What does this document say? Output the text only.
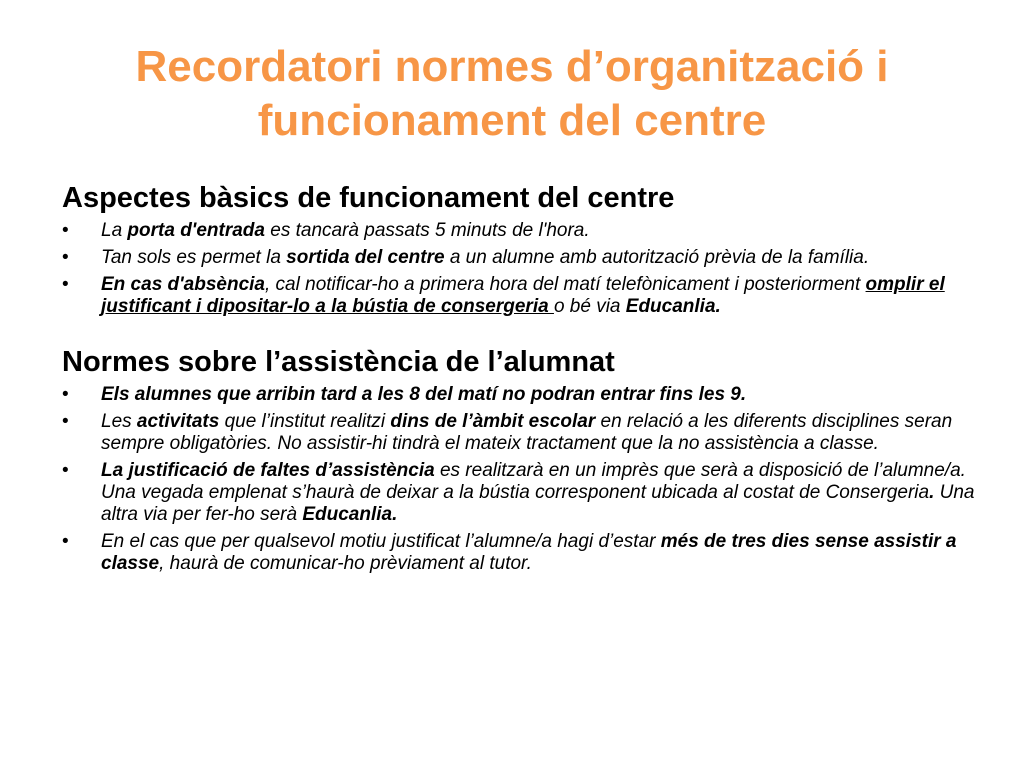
Recordatori normes d’organització i funcionament del centre
Aspectes bàsics de funcionament del centre
• La porta d'entrada es tancarà passats 5 minuts de l'hora.
• Tan sols es permet la sortida del centre a un alumne amb autorització prèvia de la família.
• En cas d'absència, cal notificar-ho a primera hora del matí telefònicament i posteriorment omplir el justificant i dipositar-lo a la bústia de consergeria o bé via Educanlia.
Normes sobre l’assistència de l’alumnat
• Els alumnes que arribin tard a les 8 del matí no podran entrar fins les 9.
• Les activitats que l’institut realitzi dins de l’àmbit escolar en relació a les diferents disciplines seran sempre obligatòries. No assistir-hi tindrà el mateix tractament que la no assistència a classe.
• La justificació de faltes d’assistència es realitzarà en un imprès que serà a disposició de l’alumne/a. Una vegada emplenat s’haurà de deixar a la bústia corresponent ubicada al costat de Consergeria. Una altra via per fer-ho serà Educanlia.
• En el cas que per qualsevol motiu justificat l’alumne/a hagi d’estar més de tres dies sense assistir a classe, haurà de comunicar-ho prèviament al tutor.
